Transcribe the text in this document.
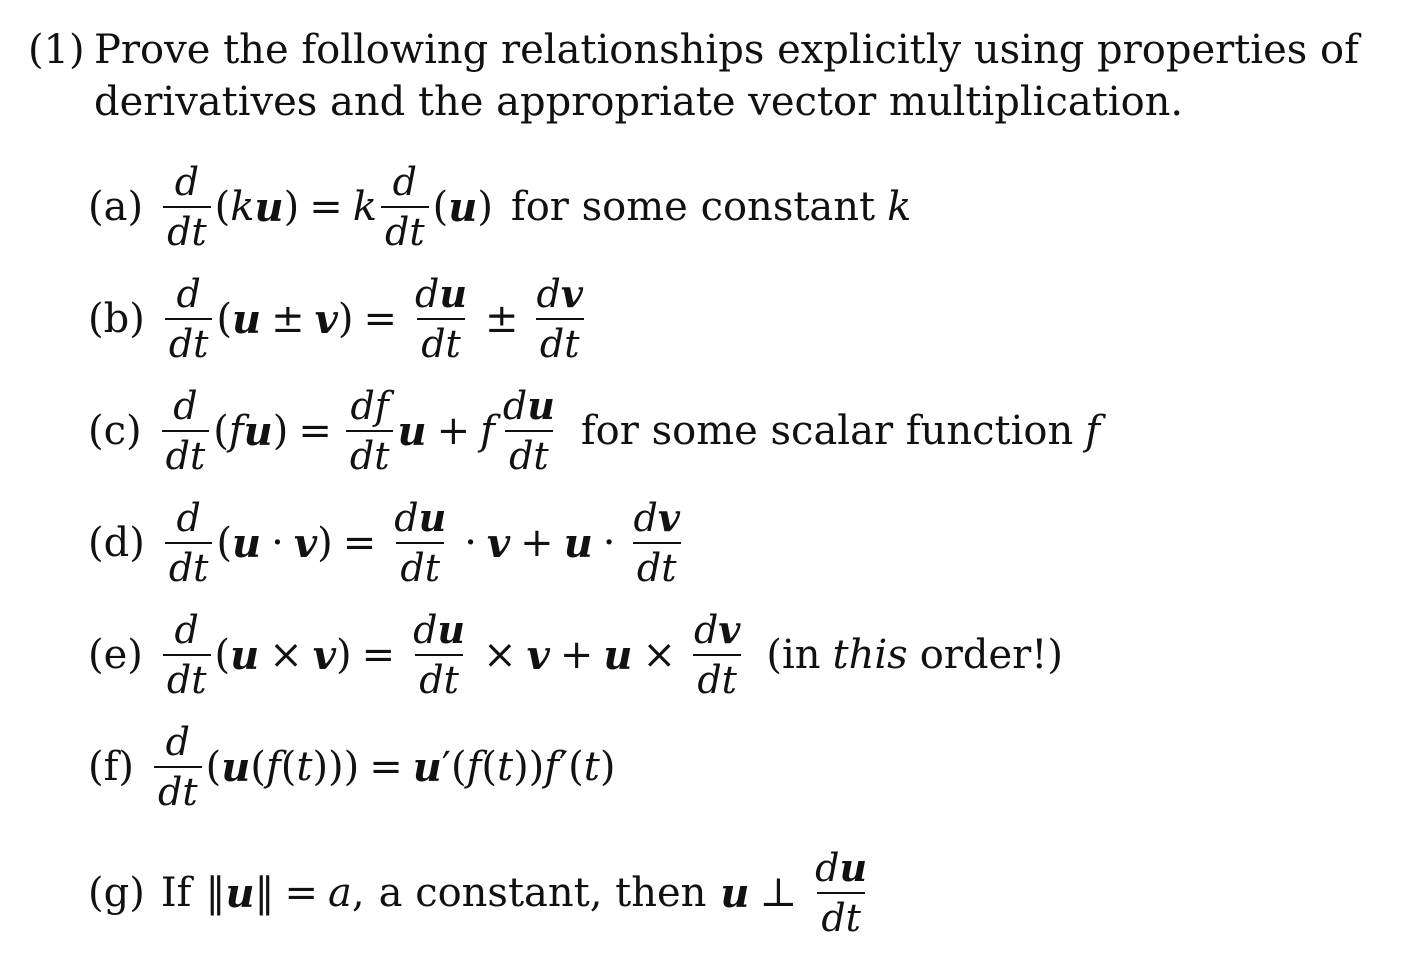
(1) Prove the following relationships explicitly using properties of derivatives and the appropriate vector multiplication.
$(a) \frac{d}{dt}$ ( k u ) = k $\frac{d}{dt}$ ( u ) for some constant k
$(b) \frac{d}{dt}$ ( u ± v ) = $\frac{du}{dt} \pm \frac{dv}{dt}$
$(c) \frac{d}{dt}$ ( f u ) = $\frac{df}{dt}$ u + f $\frac{du}{dt}$ for some scalar function f
$(d) \frac{d}{dt}$ ( u · v ) = $\frac{du}{dt} \cdot v + u \cdot \frac{dv}{dt}$
$(e) \frac{d}{dt}$ ( u × v ) = $\frac{du}{dt} \times v + u \times \frac{dv}{dt} (in$ this order!)
$(f) \frac{d}{dt}$ ( u ( f ( t ))) = u ′( f ( t )) f ′( t )
(g) If ‖ u ‖ = a , a constant, then u ⊥ $\frac{du}{dt}$
